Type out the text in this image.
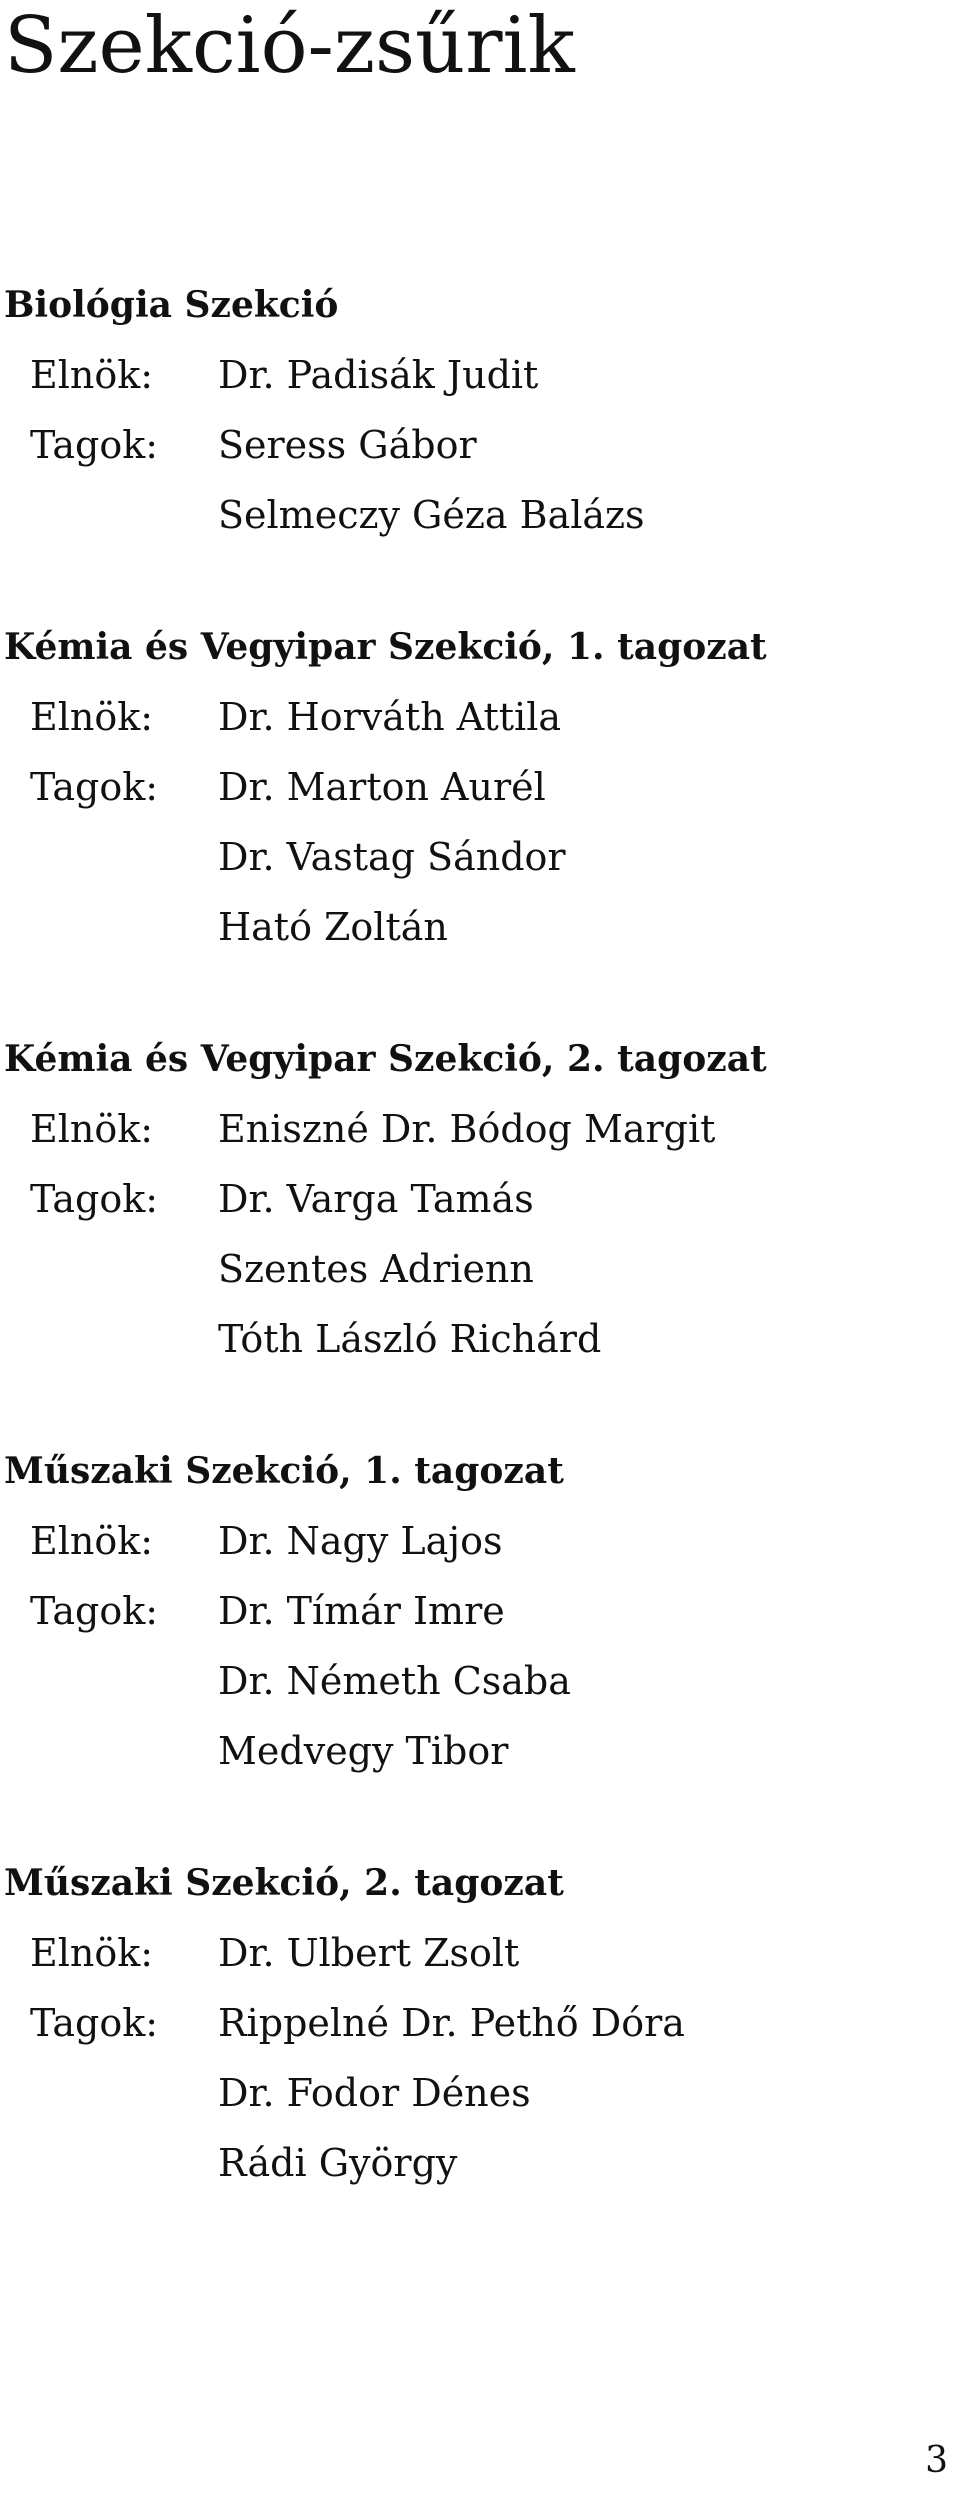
Szekció-zsűrik
Biológia Szekció
Elnök:	Dr. Padisák Judit
Tagok:	Seress Gábor
Selmeczy Géza Balázs
Kémia és Vegyipar Szekció, 1. tagozat
Elnök:	Dr. Horváth Attila
Tagok:	Dr. Marton Aurél
Dr. Vastag Sándor
Ható Zoltán
Kémia és Vegyipar Szekció, 2. tagozat
Elnök:	Eniszné Dr. Bódog Margit
Tagok:	Dr. Varga Tamás
Szentes Adrienn
Tóth László Richárd
Műszaki Szekció, 1. tagozat
Elnök:	Dr. Nagy Lajos
Tagok:	Dr. Tímár Imre
Dr. Németh Csaba
Medvegy Tibor
Műszaki Szekció, 2. tagozat
Elnök:	Dr. Ulbert Zsolt
Tagok:	Rippelné Dr. Pethő Dóra
Dr. Fodor Dénes
Rádi György

3
